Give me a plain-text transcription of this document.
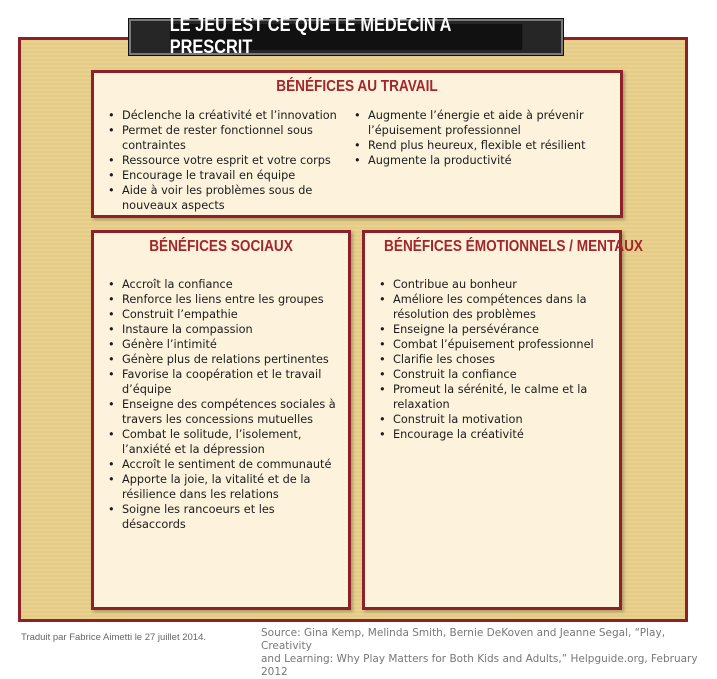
LE JEU EST CE QUE LE MÉDECIN A PRESCRIT
BÉNÉFICES AU TRAVAIL
• Déclenche la créativité et l’innovation
• Permet de rester fonctionnel sous contraintes
• Ressource votre esprit et votre corps
• Encourage le travail en équipe
• Aide à voir les problèmes sous de nouveaux aspects
• Augmente l’énergie et aide à prévenir l’épuisement professionnel
• Rend plus heureux, flexible et résilient
• Augmente la productivité
BÉNÉFICES SOCIAUX
• Accroît la confiance
• Renforce les liens entre les groupes
• Construit l’empathie
• Instaure la compassion
• Génère l’intimité
• Génère plus de relations pertinentes
• Favorise la coopération et le travail d’équipe
• Enseigne des compétences sociales à travers les concessions mutuelles
• Combat le solitude, l’isolement, l’anxiété et la dépression
• Accroît le sentiment de communauté
• Apporte la joie, la vitalité et de la résilience dans les relations
• Soigne les rancoeurs et les désaccords
BÉNÉFICES ÉMOTIONNELS / MENTAUX
• Contribue au bonheur
• Améliore les compétences dans la résolution des problèmes
• Enseigne la persévérance
• Combat l’épuisement professionnel
• Clarifie les choses
• Construit la confiance
• Promeut la sérénité, le calme et la relaxation
• Construit la motivation
• Encourage la créativité
Traduit par Fabrice Aimetti le 27 juillet 2014.	Source: Gina Kemp, Melinda Smith, Bernie DeKoven and Jeanne Segal, “Play, Creativity
and Learning: Why Play Matters for Both Kids and Adults,” Helpguide.org, February 2012
